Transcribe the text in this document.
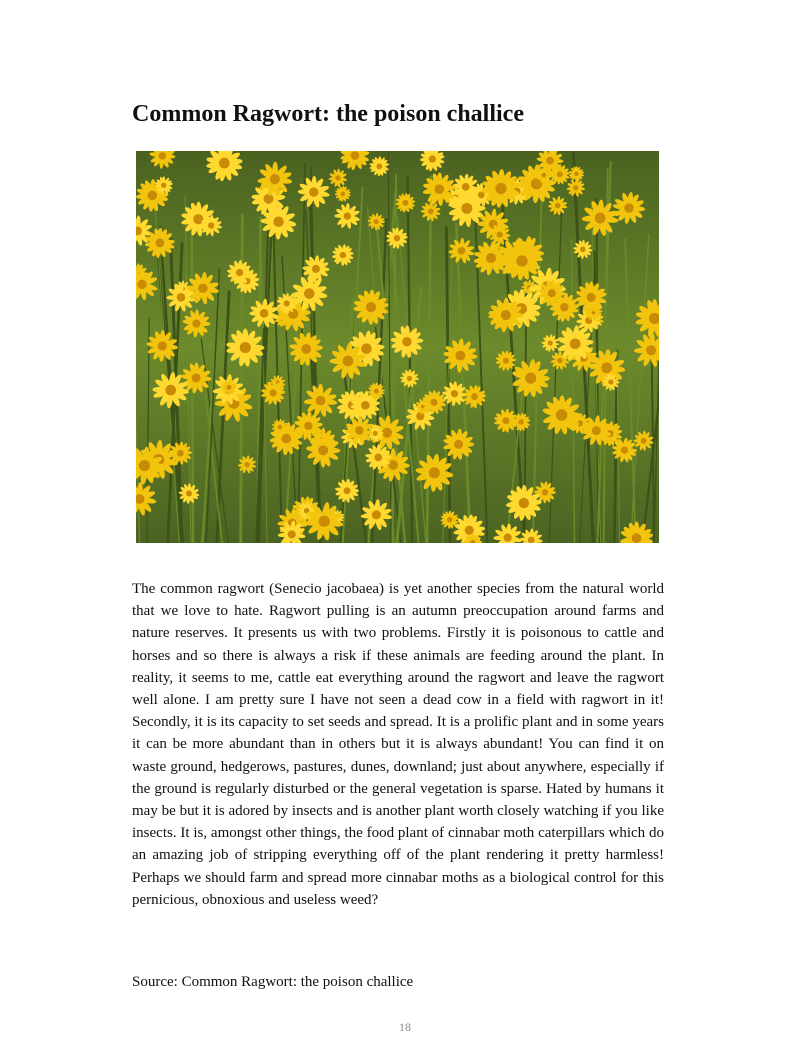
Common Ragwort: the poison challice

The common ragwort (Senecio jacobaea) is yet another species from the natural world that we love to hate. Ragwort pulling is an autumn preoccupation around farms and nature reserves. It presents us with two problems. Firstly it is poisonous to cattle and horses and so there is always a risk if these animals are feeding around the plant. In reality, it seems to me, cattle eat everything around the ragwort and leave the ragwort well alone. I am pretty sure I have not seen a dead cow in a field with ragwort in it! Secondly, it is its capacity to set seeds and spread. It is a prolific plant and in some years it can be more abundant than in others but it is always abundant! You can find it on waste ground, hedgerows, pastures, dunes, downland; just about anywhere, especially if the ground is regularly disturbed or the general vegetation is sparse. Hated by humans it may be but it is adored by insects and is another plant worth closely watching if you like insects. It is, amongst other things, the food plant of cinnabar moth caterpillars which do an amazing job of stripping everything off of the plant rendering it pretty harmless! Perhaps we should farm and spread more cinnabar moths as a biological control for this pernicious, obnoxious and useless weed?

Source: Common Ragwort: the poison challice

18
